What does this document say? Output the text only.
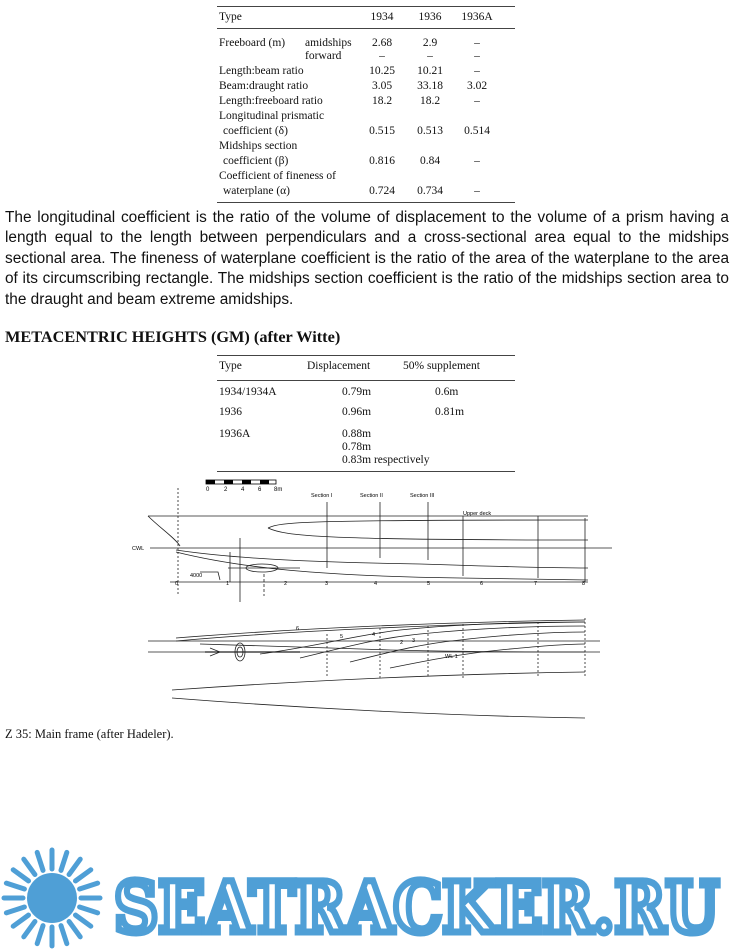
Type	1934	1936	1936A
Freeboard (m) amidships	2.68	2.9	–
forward	–	–	–
Length:beam ratio	10.25	10.21	–
Beam:draught ratio	3.05	33.18	3.02
Length:freeboard ratio	18.2	18.2	–
Longitudinal prismatic
coefficient (δ)	0.515	0.513	0.514
Midships section
coefficient (β)	0.816	0.84	–
Coefficient of fineness of
waterplane (α)	0.724	0.734	–
The longitudinal coefficient is the ratio of the volume of displacement to the volume of a prism having a length equal to the length between perpendiculars and a cross-sectional area equal to the midships sectional area. The fineness of waterplane coefficient is the ratio of the area of the waterplane to the area of its circumscribing rectangle. The midships section coefficient is the ratio of the midships section area to the draught and beam extreme amidships.
METACENTRIC HEIGHTS (GM) (after Witte)
Type	Displacement	50% supplement
1934/1934A	0.79m	0.6m
1936	0.96m	0.81m
1936A	0.88m
0.78m
0.83m respectively
0 2 4 6 8m
Section I	Section II	Section III
Upper deck
CWL
4000
0	1	2	3	4	5	6	7	8
WL 1
2
4
5
6
3
Z 35: Main frame (after Hadeler).
SEATRACKER.RU
